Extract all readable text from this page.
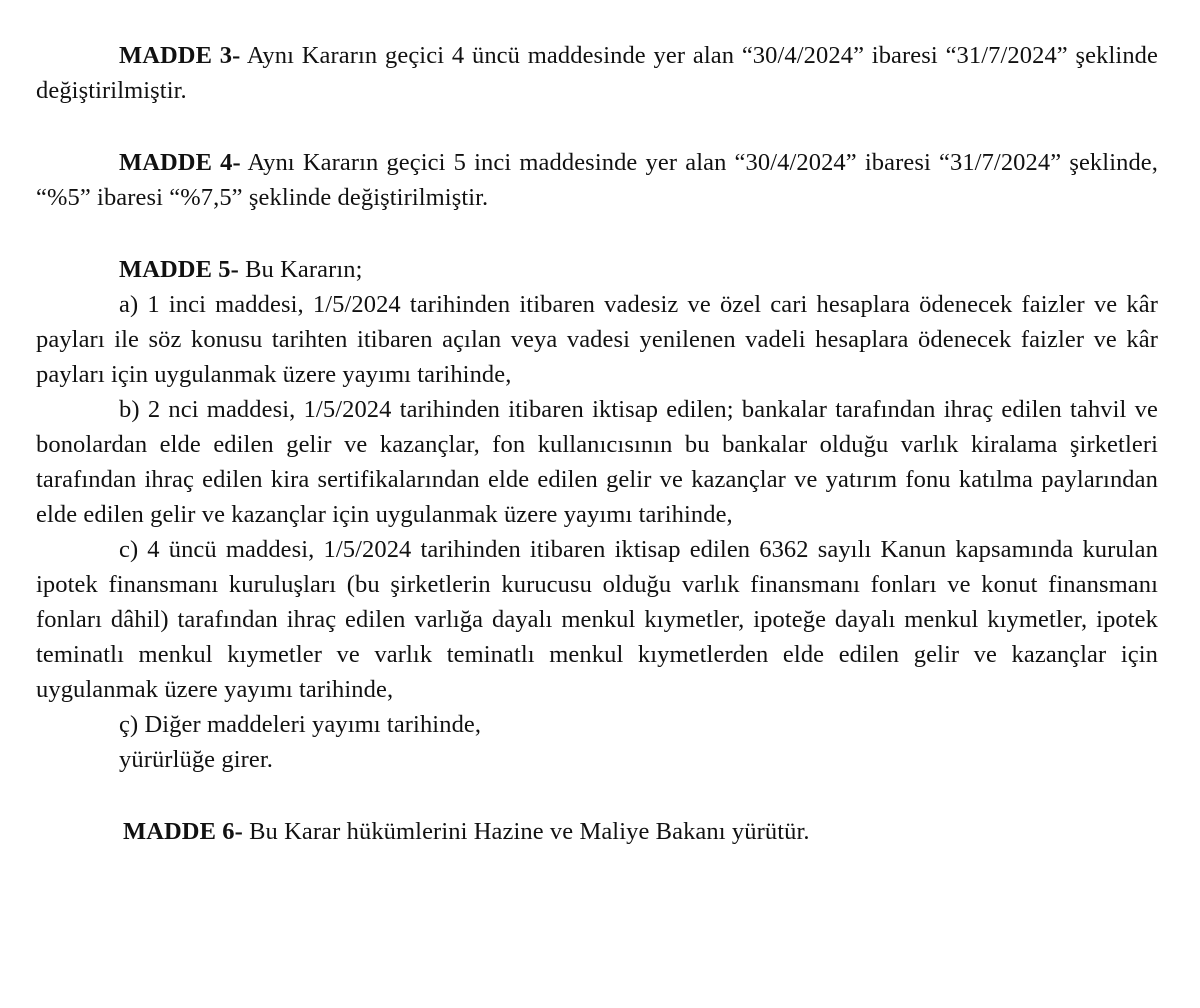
MADDE 3- Aynı Kararın geçici 4 üncü maddesinde yer alan “30/4/2024” ibaresi “31/7/2024” şeklinde değiştirilmiştir.

MADDE 4- Aynı Kararın geçici 5 inci maddesinde yer alan “30/4/2024” ibaresi “31/7/2024” şeklinde, “%5” ibaresi “%7,5” şeklinde değiştirilmiştir.

MADDE 5- Bu Kararın;

a) 1 inci maddesi, 1/5/2024 tarihinden itibaren vadesiz ve özel cari hesaplara ödenecek faizler ve kâr payları ile söz konusu tarihten itibaren açılan veya vadesi yenilenen vadeli hesaplara ödenecek faizler ve kâr payları için uygulanmak üzere yayımı tarihinde,

b) 2 nci maddesi, 1/5/2024 tarihinden itibaren iktisap edilen; bankalar tarafından ihraç edilen tahvil ve bonolardan elde edilen gelir ve kazançlar, fon kullanıcısının bu bankalar olduğu varlık kiralama şirketleri tarafından ihraç edilen kira sertifikalarından elde edilen gelir ve kazançlar ve yatırım fonu katılma paylarından elde edilen gelir ve kazançlar için uygulanmak üzere yayımı tarihinde,

c) 4 üncü maddesi, 1/5/2024 tarihinden itibaren iktisap edilen 6362 sayılı Kanun kapsamında kurulan ipotek finansmanı kuruluşları (bu şirketlerin kurucusu olduğu varlık finansmanı fonları ve konut finansmanı fonları dâhil) tarafından ihraç edilen varlığa dayalı menkul kıymetler, ipoteğe dayalı menkul kıymetler, ipotek teminatlı menkul kıymetler ve varlık teminatlı menkul kıymetlerden elde edilen gelir ve kazançlar için uygulanmak üzere yayımı tarihinde,

ç) Diğer maddeleri yayımı tarihinde,

yürürlüğe girer.

MADDE 6- Bu Karar hükümlerini Hazine ve Maliye Bakanı yürütür.
